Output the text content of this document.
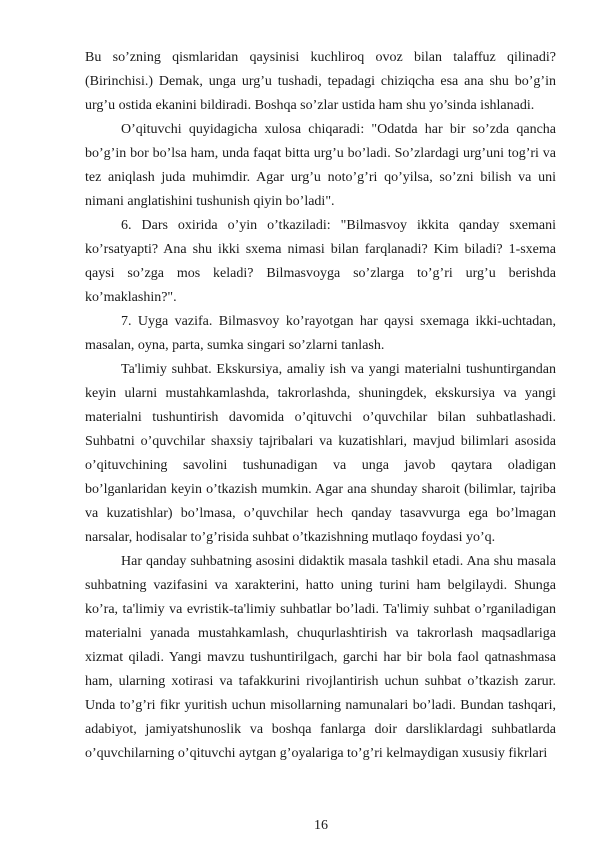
Bu so’zning qismlaridan qaysinisi kuchliroq ovoz bilan talaffuz qilinadi? (Birinchisi.) Demak, unga urg’u tushadi, tepadagi chiziqcha esa ana shu bo’g’in urg’u ostida ekanini bildiradi. Boshqa so’zlar ustida ham shu yo’sinda ishlanadi.

O’qituvchi quyidagicha xulosa chiqaradi: "Odatda har bir so’zda qancha bo’g’in bor bo’lsa ham, unda faqat bitta urg’u bo’ladi. So’zlardagi urg’uni tog’ri va tez aniqlash juda muhimdir. Agar urg’u noto’g’ri qo’yilsa, so’zni bilish va uni nimani anglatishini tushunish qiyin bo’ladi".

6. Dars oxirida o’yin o’tkaziladi: "Bilmasvoy ikkita qanday sxemani ko’rsatyapti? Ana shu ikki sxema nimasi bilan farqlanadi? Kim biladi? 1-sxema qaysi so’zga mos keladi? Bilmasvoyga so’zlarga to’g’ri urg’u berishda ko’maklashin?".

7. Uyga vazifa. Bilmasvoy ko’rayotgan har qaysi sxemaga ikki-uchtadan, masalan, oyna, parta, sumka singari so’zlarni tanlash.

Ta'limiy suhbat. Ekskursiya, amaliy ish va yangi materialni tushuntirgandan keyin ularni mustahkamlashda, takrorlashda, shuningdek, ekskursiya va yangi materialni tushuntirish davomida o’qituvchi o’quvchilar bilan suhbatlashadi. Suhbatni o’quvchilar shaxsiy tajribalari va kuzatishlari, mavjud bilimlari asosida o’qituvchining savolini tushunadigan va unga javob qaytara oladigan bo’lganlaridan keyin o’tkazish mumkin. Agar ana shunday sharoit (bilimlar, tajriba va kuzatishlar) bo’lmasa, o’quvchilar hech qanday tasavvurga ega bo’lmagan narsalar, hodisalar to’g’risida suhbat o’tkazishning mutlaqo foydasi yo’q.

Har qanday suhbatning asosini didaktik masala tashkil etadi. Ana shu masala suhbatning vazifasini va xarakterini, hatto uning turini ham belgilaydi. Shunga ko’ra, ta'limiy va evristik-ta'limiy suhbatlar bo’ladi. Ta'limiy suhbat o’rganiladigan materialni yanada mustahkamlash, chuqurlashtirish va takrorlash maqsadlariga xizmat qiladi. Yangi mavzu tushuntirilgach, garchi har bir bola faol qatnashmasa ham, ularning xotirasi va tafakkurini rivojlantirish uchun suhbat o’tkazish zarur. Unda to’g’ri fikr yuritish uchun misollarning namunalari bo’ladi. Bundan tashqari, adabiyot, jamiyatshunoslik va boshqa fanlarga doir darsliklardagi suhbatlarda o’quvchilarning o’qituvchi aytgan g’oyalariga to’g’ri kelmaydigan xususiy fikrlari

16
